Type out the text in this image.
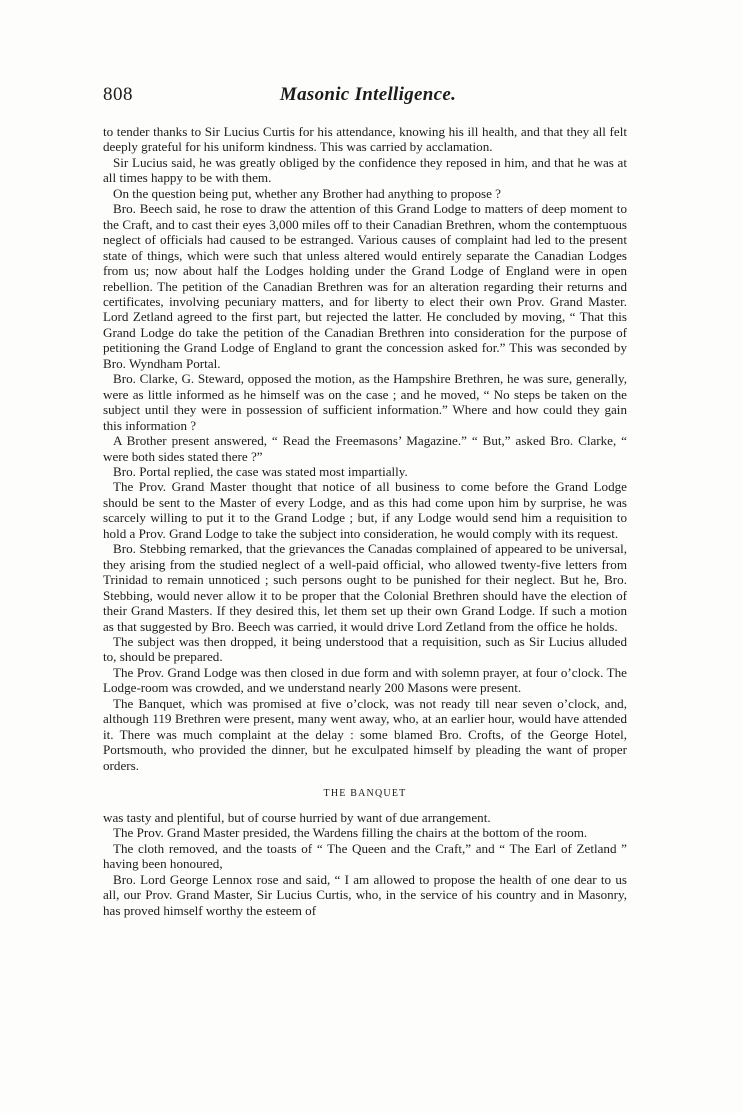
808	Masonic Intelligence.

to tender thanks to Sir Lucius Curtis for his attendance, knowing his ill health, and that they all felt deeply grateful for his uniform kindness. This was carried by acclamation.

Sir Lucius said, he was greatly obliged by the confidence they reposed in him, and that he was at all times happy to be with them.

On the question being put, whether any Brother had anything to propose ?

Bro. Beech said, he rose to draw the attention of this Grand Lodge to matters of deep moment to the Craft, and to cast their eyes 3,000 miles off to their Canadian Brethren, whom the contemptuous neglect of officials had caused to be estranged. Various causes of complaint had led to the present state of things, which were such that unless altered would entirely separate the Canadian Lodges from us; now about half the Lodges holding under the Grand Lodge of England were in open rebellion. The petition of the Canadian Brethren was for an alteration regarding their returns and certificates, involving pecuniary matters, and for liberty to elect their own Prov. Grand Master. Lord Zetland agreed to the first part, but rejected the latter. He concluded by moving, “ That this Grand Lodge do take the petition of the Canadian Brethren into consideration for the purpose of petitioning the Grand Lodge of England to grant the concession asked for.” This was seconded by Bro. Wyndham Portal.

Bro. Clarke, G. Steward, opposed the motion, as the Hampshire Brethren, he was sure, generally, were as little informed as he himself was on the case ; and he moved, “ No steps be taken on the subject until they were in possession of sufficient information.” Where and how could they gain this information ?

A Brother present answered, “ Read the Freemasons’ Magazine.” “ But,” asked Bro. Clarke, “ were both sides stated there ?”

Bro. Portal replied, the case was stated most impartially.

The Prov. Grand Master thought that notice of all business to come before the Grand Lodge should be sent to the Master of every Lodge, and as this had come upon him by surprise, he was scarcely willing to put it to the Grand Lodge ; but, if any Lodge would send him a requisition to hold a Prov. Grand Lodge to take the subject into consideration, he would comply with its request.

Bro. Stebbing remarked, that the grievances the Canadas complained of appeared to be universal, they arising from the studied neglect of a well-paid official, who allowed twenty-five letters from Trinidad to remain unnoticed ; such persons ought to be punished for their neglect. But he, Bro. Stebbing, would never allow it to be proper that the Colonial Brethren should have the election of their Grand Masters. If they desired this, let them set up their own Grand Lodge. If such a motion as that suggested by Bro. Beech was carried, it would drive Lord Zetland from the office he holds.

The subject was then dropped, it being understood that a requisition, such as Sir Lucius alluded to, should be prepared.

The Prov. Grand Lodge was then closed in due form and with solemn prayer, at four o’clock. The Lodge-room was crowded, and we understand nearly 200 Masons were present.

The Banquet, which was promised at five o’clock, was not ready till near seven o’clock, and, although 119 Brethren were present, many went away, who, at an earlier hour, would have attended it. There was much complaint at the delay : some blamed Bro. Crofts, of the George Hotel, Portsmouth, who provided the dinner, but he exculpated himself by pleading the want of proper orders.

THE BANQUET

was tasty and plentiful, but of course hurried by want of due arrangement.

The Prov. Grand Master presided, the Wardens filling the chairs at the bottom of the room.

The cloth removed, and the toasts of “ The Queen and the Craft,” and “ The Earl of Zetland ” having been honoured,

Bro. Lord George Lennox rose and said, “ I am allowed to propose the health of one dear to us all, our Prov. Grand Master, Sir Lucius Curtis, who, in the service of his country and in Masonry, has proved himself worthy the esteem of
